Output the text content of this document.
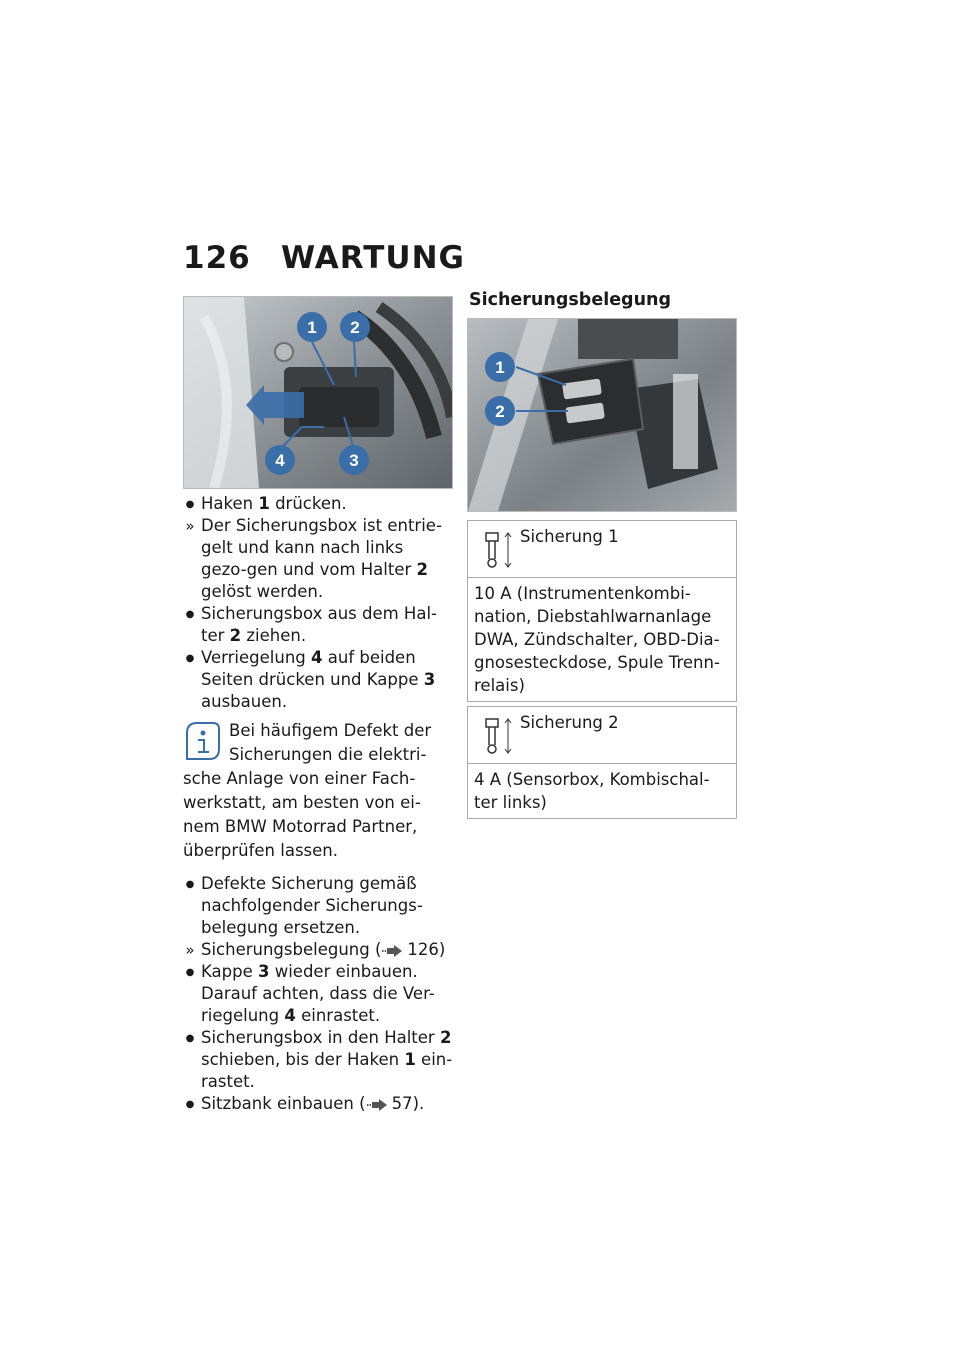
126 WARTUNG
1 2
3
4
●
Haken 1 drücken.
»
Der Sicherungsbox ist entrie-gelt und kann nach links gezo-gen und vom Halter 2 gelöst werden.
●
Sicherungsbox aus dem Hal-ter 2 ziehen.
●
Verriegelung 4 auf beiden Seiten drücken und Kappe 3 ausbauen.
Bei häufigem Defekt der Sicherungen die elektri-sche Anlage von einer Fach-werkstatt, am besten von ei-nem BMW Motorrad Partner, überprüfen lassen.
●
Defekte Sicherung gemäß nachfolgender Sicherungs-belegung ersetzen.
»
Sicherungsbelegung ( 126)
●
Kappe 3 wieder einbauen. Darauf achten, dass die Ver-riegelung 4 einrastet.
●
Sicherungsbox in den Halter 2 schieben, bis der Haken 1 ein-rastet.
●
Sitzbank einbauen ( 57).
Sicherungsbelegung
1
2
Sicherung 1
10 A (Instrumentenkombi-nation, Diebstahlwarnanlage DWA, Zündschalter, OBD-Dia-gnosesteckdose, Spule Trenn-relais)
Sicherung 2
4 A (Sensorbox, Kombischal-ter links)
